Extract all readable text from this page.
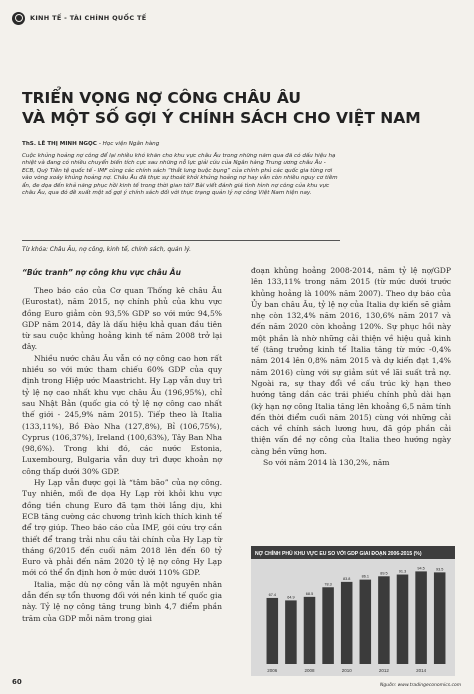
KINH TẾ - TÀI CHÍNH QUỐC TẾ
TRIỂN VỌNG NỢ CÔNG CHÂU ÂU
VÀ MỘT SỐ GỢI Ý CHÍNH SÁCH CHO VIỆT NAM
ThS. LÊ THỊ MINH NGỌC - Học viện Ngân hàng

Cuộc khủng hoảng nợ công để lại nhiều khó khăn cho khu vực châu Âu trong những năm qua đã có dấu hiệu hạ nhiệt và đang có nhiều chuyển biến tích cực sau những nỗ lực giải cứu của Ngân hàng Trung ương châu Âu - ECB, Quỹ Tiền tệ quốc tế - IMF cùng các chính sách “thắt lưng buộc bụng” của chính phủ các quốc gia từng rơi vào vòng xoáy khủng hoảng nợ. Châu Âu đã thực sự thoát khỏi khủng hoảng nợ hay vẫn còn nhiều nguy cơ tiềm ẩn, đe dọa đến khả năng phục hồi kinh tế trong thời gian tới? Bài viết đánh giá tình hình nợ công của khu vực châu Âu, qua đó đề xuất một số gợi ý chính sách đối với thực trạng quản lý nợ công Việt Nam hiện nay.

Từ khóa: Châu Âu, nợ công, kinh tế, chính sách, quản lý.
“Bức tranh” nợ công khu vực châu Âu

Theo báo cáo của Cơ quan Thống kê châu Âu (Eurostat), năm 2015, nợ chính phủ của khu vực đồng Euro giảm còn 93,5% GDP so với mức 94,5% GDP năm 2014, đây là dấu hiệu khả quan đầu tiên từ sau cuộc khủng hoảng kinh tế năm 2008 trở lại đây.

Nhiều nước châu Âu vẫn có nợ công cao hơn rất nhiều so với mức tham chiếu 60% GDP của quy định trong Hiệp ước Maastricht. Hy Lạp vẫn duy trì tỷ lệ nợ cao nhất khu vực châu Âu (196,95%), chỉ sau Nhật Bản (quốc gia có tỷ lệ nợ công cao nhất thế giới - 245,9% năm 2015). Tiếp theo là Italia (133,11%), Bồ Đào Nha (127,8%), Bỉ (106,75%), Cyprus (106,37%), Ireland (100,63%), Tây Ban Nha (98,6%). Trong khi đó, các nước Estonia, Luxembourg, Bulgaria vẫn duy trì được khoản nợ công thấp dưới 30% GDP.

Hy Lạp vẫn được gọi là “tâm bão” của nợ công. Tuy nhiên, mối đe dọa Hy Lạp rời khỏi khu vực đồng tiền chung Euro đã tạm thời lắng dịu, khi ECB tăng cường các chương trình kích thích kinh tế để trợ giúp. Theo báo cáo của IMF, gói cứu trợ cần thiết để trang trải nhu cầu tài chính của Hy Lạp từ tháng 6/2015 đến cuối năm 2018 lên đến 60 tỷ Euro và phải đến năm 2020 tỷ lệ nợ công Hy Lạp mới có thể ổn định hơn ở mức dưới 110% GDP.

Italia, mặc dù nợ công vẫn là một nguyên nhân dẫn đến sự tổn thương đối với nền kinh tế quốc gia này. Tỷ lệ nợ công tăng trung bình 4,7 điểm phần trăm của GDP mỗi năm trong giai

đoạn khủng hoảng 2008-2014, năm tỷ lệ nợ/GDP lên 133,11% trong năm 2015 (từ mức dưới trước khủng hoảng là 100% năm 2007). Theo dự báo của Ủy ban châu Âu, tỷ lệ nợ của Italia dự kiến sẽ giảm nhẹ còn 132,4% năm 2016, 130,6% năm 2017 và đến năm 2020 còn khoảng 120%. Sự phục hồi này một phần là nhờ những cải thiện về hiệu quả kinh tế (tăng trưởng kinh tế Italia tăng từ mức -0,4% năm 2014 lên 0,8% năm 2015 và dự kiến đạt 1,4% năm 2016) cùng với sự giảm sút về lãi suất trả nợ. Ngoài ra, sự thay đổi về cấu trúc kỳ hạn theo hướng tăng dần các trái phiếu chính phủ dài hạn (kỳ hạn nợ công Italia tăng lên khoảng 6,5 năm tính đến thời điểm cuối năm 2015) cùng với những cải cách về chính sách lương hưu, đã góp phần cải thiện vấn đề nợ công của Italia theo hướng ngày càng bền vững hơn.

So với năm 2014 là 130,2%, năm

NỢ CHÍNH PHỦ KHU VỰC EU SO VỚI GDP GIAI ĐOẠN 2006-2015 (%)
67.4
64.9
68.5
78.3
83.8
86.1
89.5	91.3
94.5	93.5
2006	2008	2010	2012	2014
Nguồn: www.tradingeconomics.com
60
